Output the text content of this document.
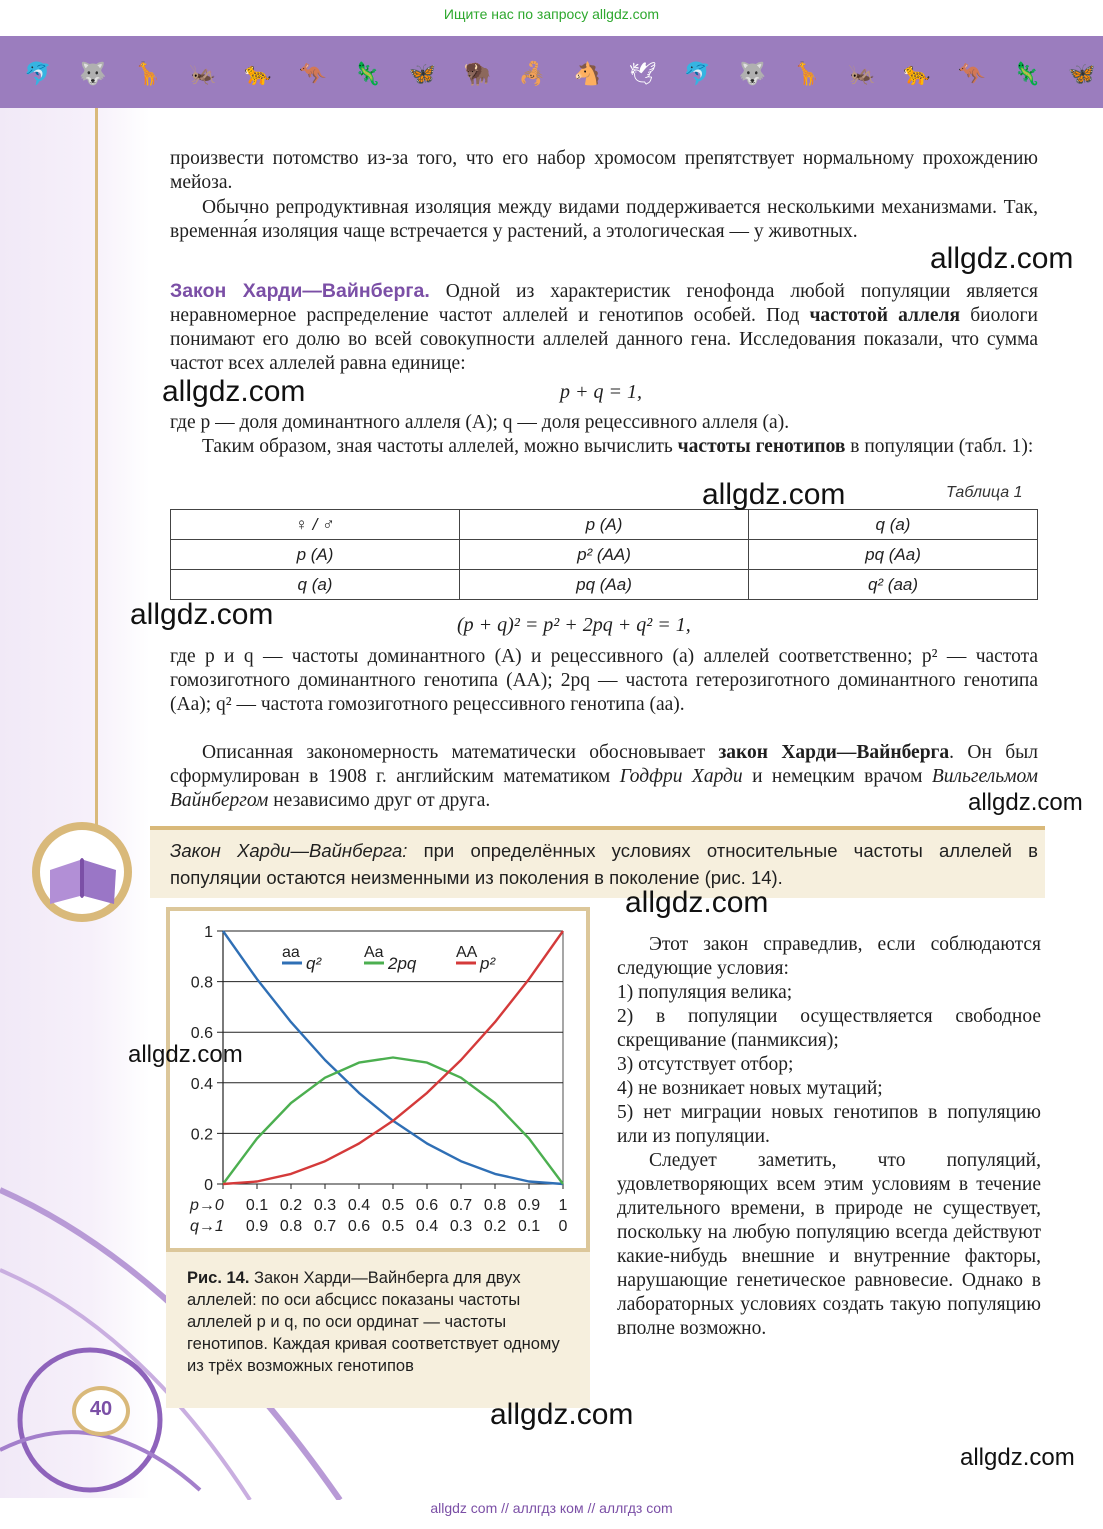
Ищите нас по запросу allgdz.com
🐬 🐺 🦒 🦗 🐆 🦘 🦎 🦋 🦬 🦂 🐴 🕊 🐬 🐺 🦒 🦗 🐆 🦘 🦎 🦋
произвести потомство из-за того, что его набор хромосом препятствует нормальному прохождению мейоза.
Обычно репродуктивная изоляция между видами поддерживается несколькими механизмами. Так, временна́я изоляция чаще встречается у растений, а этологическая — у животных.
Закон Харди—Вайнберга. Одной из характеристик генофонда любой популяции является неравномерное распределение частот аллелей и генотипов особей. Под частотой аллеля биологи понимают его долю во всей совокупности аллелей данного гена. Исследования показали, что сумма частот всех аллелей равна единице:
p + q = 1,
где p — доля доминантного аллеля (A); q — доля рецессивного аллеля (a).
Таким образом, зная частоты аллелей, можно вычислить частоты генотипов в популяции (табл. 1):
Таблица 1
♀ / ♂	p (A)	q (a)
p (A)	p² (AA)	pq (Aa)
q (a)	pq (Aa)	q² (aa)
(p + q)² = p² + 2pq + q² = 1,
где p и q — частоты доминантного (A) и рецессивного (a) аллелей соответственно; p² — частота гомозиготного доминантного генотипа (AA); 2pq — частота гетерозиготного доминантного генотипа (Aa); q² — частота гомозиготного рецессивного генотипа (aa).
Описанная закономерность математически обосновывает закон Харди—Вайнберга. Он был сформулирован в 1908 г. английским математиком Годфри Харди и немецким врачом Вильгельмом Вайнбергом независимо друг от друга.
Закон Харди—Вайнберга: при определённых условиях относительные частоты аллелей в популяции остаются неизменными из поколения в поколение (рис. 14).
0
0.2
0.4
0.6
0.8
1
p→0
q→1
0.1 0.2 0.3 0.4 0.5 0.6 0.7 0.8 0.9 1
0.9 0.8 0.7 0.6 0.5 0.4 0.3 0.2 0.1 0
aa
q²
Aa
2pq
AA
p²
Рис. 14. Закон Харди—Вайнберга для двух аллелей: по оси абсцисс показаны частоты аллелей p и q, по оси ординат — частоты генотипов. Каждая кривая соответствует одному из трёх возможных генотипов
Этот закон справедлив, если соблюдаются следующие условия:
1) популяция велика;
2) в популяции осуществляется свободное скрещивание (панмиксия);
3) отсутствует отбор;
4) не возникает новых мутаций;
5) нет миграции новых генотипов в популяцию или из популяции.
Следует заметить, что популяций, удовлетворяющих всем этим условиям в течение длительного времени, в природе не существует, поскольку на любую популяцию всегда действуют какие-нибудь внешние и внутренние факторы, нарушающие генетическое равновесие. Однако в лабораторных условиях создать такую популяцию вполне возможно.
allgdz.com
allgdz.com
allgdz.com
allgdz.com
allgdz.com
allgdz.com
allgdz.com
allgdz.com
allgdz.com
40
allgdz com // аллгдз ком // аллгдз com
